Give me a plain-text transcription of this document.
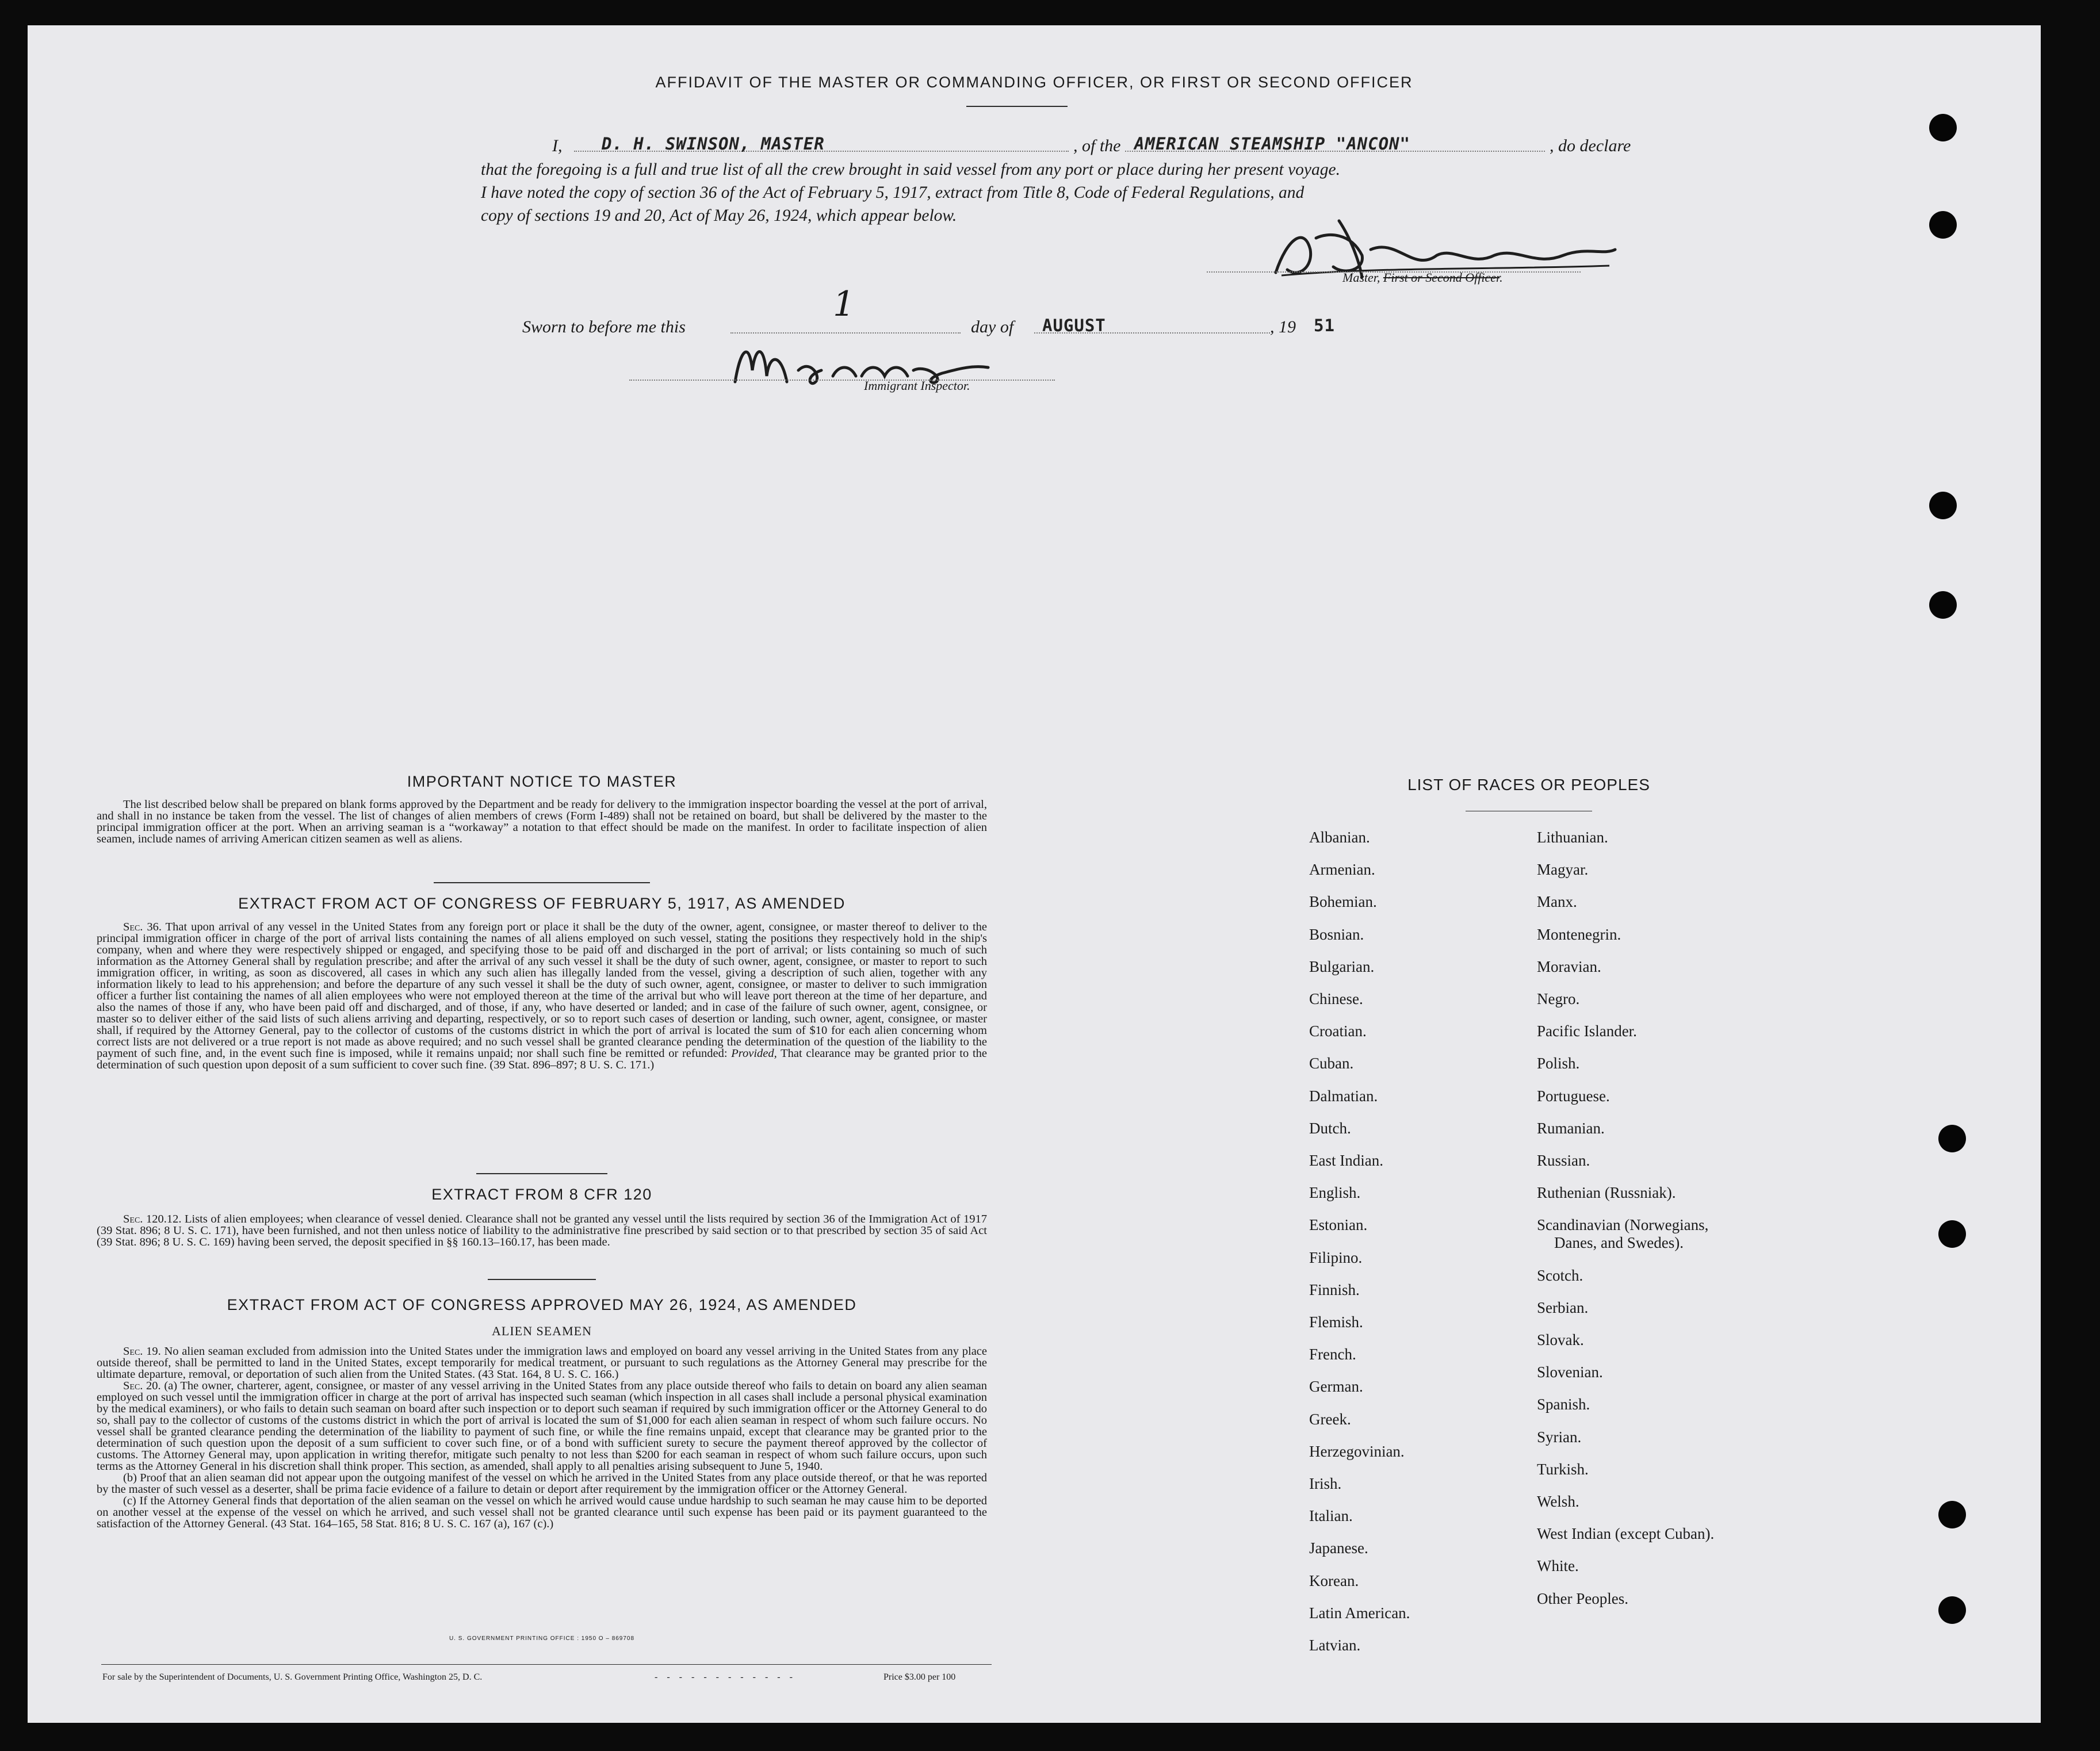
AFFIDAVIT OF THE MASTER OR COMMANDING OFFICER, OR FIRST OR SECOND OFFICER
I, D. H. SWINSON, MASTER	, of the AMERICAN STEAMSHIP "ANCON"	, do declare
that the foregoing is a full and true list of all the crew brought in said vessel from any port or place during her present voyage.
I have noted the copy of section 36 of the Act of February 5, 1917, extract from Title 8, Code of Federal Regulations, and
copy of sections 19 and 20, Act of May 26, 1924, which appear below.
Master, First or Second Officer.
Sworn to before me this
1
day of AUGUST	, 19 51
Immigrant Inspector.
IMPORTANT NOTICE TO MASTER

The list described below shall be prepared on blank forms approved by the Department and be ready for delivery to the immigration inspector boarding the vessel at the port of arrival, and shall in no instance be taken from the vessel. The list of changes of alien members of crews (Form I-489) shall not be retained on board, but shall be delivered by the master to the principal immigration officer at the port. When an arriving seaman is a “workaway” a notation to that effect should be made on the manifest. In order to facilitate inspection of alien seamen, include names of arriving American citizen seamen as well as aliens.

EXTRACT FROM ACT OF CONGRESS OF FEBRUARY 5, 1917, AS AMENDED

Sec. 36. That upon arrival of any vessel in the United States from any foreign port or place it shall be the duty of the owner, agent, consignee, or master thereof to deliver to the principal immigration officer in charge of the port of arrival lists containing the names of all aliens employed on such vessel, stating the positions they respectively hold in the ship's company, when and where they were respectively shipped or engaged, and specifying those to be paid off and discharged in the port of arrival; or lists containing so much of such information as the Attorney General shall by regulation prescribe; and after the arrival of any such vessel it shall be the duty of such owner, agent, consignee, or master to report to such immigration officer, in writing, as soon as discovered, all cases in which any such alien has illegally landed from the vessel, giving a description of such alien, together with any information likely to lead to his apprehension; and before the departure of any such vessel it shall be the duty of such owner, agent, consignee, or master to deliver to such immigration officer a further list containing the names of all alien employees who were not employed thereon at the time of the arrival but who will leave port thereon at the time of her departure, and also the names of those if any, who have been paid off and discharged, and of those, if any, who have deserted or landed; and in case of the failure of such owner, agent, consignee, or master so to deliver either of the said lists of such aliens arriving and departing, respectively, or so to report such cases of desertion or landing, such owner, agent, consignee, or master shall, if required by the Attorney General, pay to the collector of customs of the customs district in which the port of arrival is located the sum of $10 for each alien concerning whom correct lists are not delivered or a true report is not made as above required; and no such vessel shall be granted clearance pending the determination of the question of the liability to the payment of such fine, and, in the event such fine is imposed, while it remains unpaid; nor shall such fine be remitted or refunded: Provided, That clearance may be granted prior to the determination of such question upon deposit of a sum sufficient to cover such fine. (39 Stat. 896–897; 8 U. S. C. 171.)

EXTRACT FROM 8 CFR 120

Sec. 120.12. Lists of alien employees; when clearance of vessel denied. Clearance shall not be granted any vessel until the lists required by section 36 of the Immigration Act of 1917 (39 Stat. 896; 8 U. S. C. 171), have been furnished, and not then unless notice of liability to the administrative fine prescribed by said section or to that prescribed by section 35 of said Act (39 Stat. 896; 8 U. S. C. 169) having been served, the deposit specified in §§ 160.13–160.17, has been made.

EXTRACT FROM ACT OF CONGRESS APPROVED MAY 26, 1924, AS AMENDED
ALIEN SEAMEN

Sec. 19. No alien seaman excluded from admission into the United States under the immigration laws and employed on board any vessel arriving in the United States from any place outside thereof, shall be permitted to land in the United States, except temporarily for medical treatment, or pursuant to such regulations as the Attorney General may prescribe for the ultimate departure, removal, or deportation of such alien from the United States. (43 Stat. 164, 8 U. S. C. 166.)

Sec. 20. (a) The owner, charterer, agent, consignee, or master of any vessel arriving in the United States from any place outside thereof who fails to detain on board any alien seaman employed on such vessel until the immigration officer in charge at the port of arrival has inspected such seaman (which inspection in all cases shall include a personal physical examination by the medical examiners), or who fails to detain such seaman on board after such inspection or to deport such seaman if required by such immigration officer or the Attorney General to do so, shall pay to the collector of customs of the customs district in which the port of arrival is located the sum of $1,000 for each alien seaman in respect of whom such failure occurs. No vessel shall be granted clearance pending the determination of the liability to payment of such fine, or while the fine remains unpaid, except that clearance may be granted prior to the determination of such question upon the deposit of a sum sufficient to cover such fine, or of a bond with sufficient surety to secure the payment thereof approved by the collector of customs. The Attorney General may, upon application in writing therefor, mitigate such penalty to not less than $200 for each seaman in respect of whom such failure occurs, upon such terms as the Attorney General in his discretion shall think proper. This section, as amended, shall apply to all penalties arising subsequent to June 5, 1940.

(b) Proof that an alien seaman did not appear upon the outgoing manifest of the vessel on which he arrived in the United States from any place outside thereof, or that he was reported by the master of such vessel as a deserter, shall be prima facie evidence of a failure to detain or deport after requirement by the immigration officer or the Attorney General.

(c) If the Attorney General finds that deportation of the alien seaman on the vessel on which he arrived would cause undue hardship to such seaman he may cause him to be deported on another vessel at the expense of the vessel on which he arrived, and such vessel shall not be granted clearance until such expense has been paid or its payment guaranteed to the satisfaction of the Attorney General. (43 Stat. 164–165, 58 Stat. 816; 8 U. S. C. 167 (a), 167 (c).)

U. S. GOVERNMENT PRINTING OFFICE : 1950 O – 869708
For sale by the Superintendent of Documents, U. S. Government Printing Office, Washington 25, D. C.	- - - - - - - - - - - -	Price $3.00 per 100
LIST OF RACES OR PEOPLES
Albanian.
Armenian.
Bohemian.
Bosnian.
Bulgarian.
Chinese.
Croatian.
Cuban.
Dalmatian.
Dutch.
East Indian.
English.
Estonian.
Filipino.
Finnish.
Flemish.
French.
German.
Greek.
Herzegovinian.
Irish.
Italian.
Japanese.
Korean.
Latin American.
Latvian.
Lithuanian.
Magyar.
Manx.
Montenegrin.
Moravian.
Negro.
Pacific Islander.
Polish.
Portuguese.
Rumanian.
Russian.
Ruthenian (Russniak).
Scandinavian (Norwegians,
Danes, and Swedes).
Scotch.
Serbian.
Slovak.
Slovenian.
Spanish.
Syrian.
Turkish.
Welsh.
West Indian (except Cuban).
White.
Other Peoples.
